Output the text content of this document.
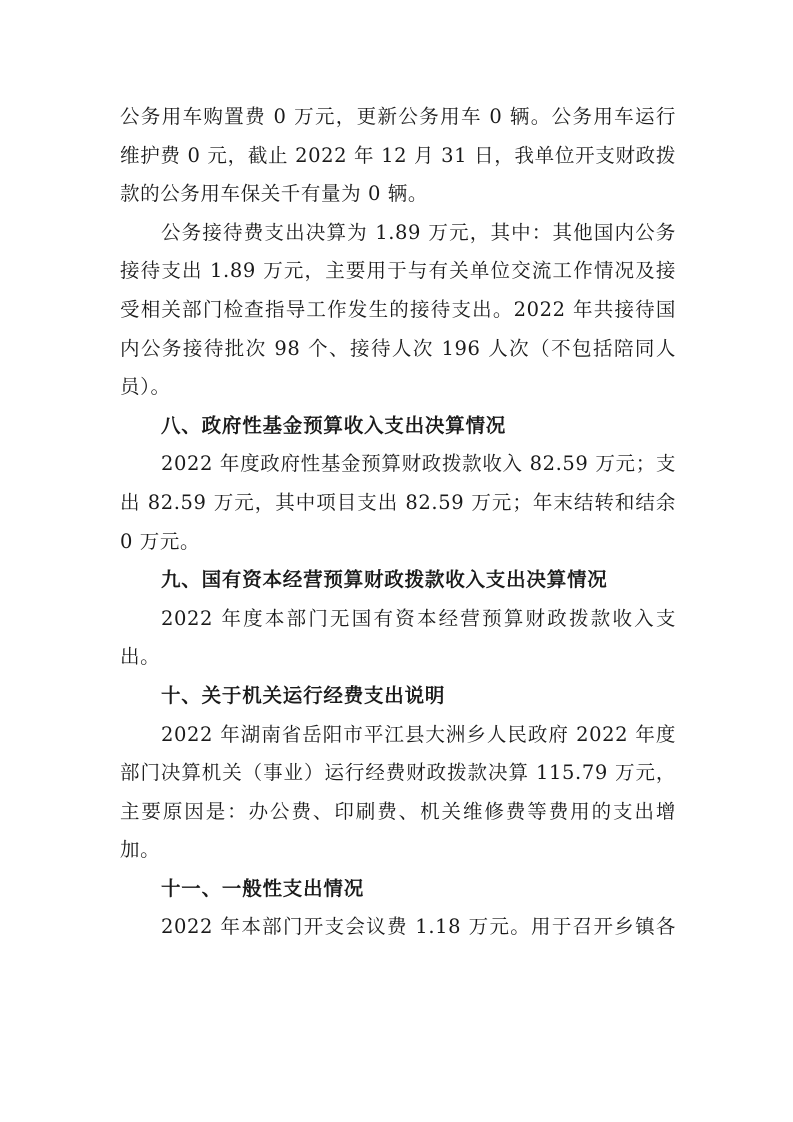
公务用车购置费 0 万元，更新公务用车 0 辆。公务用车运行
维护费 0 元，截止 2022 年 12 月 31 日，我单位开支财政拨
款的公务用车保关千有量为 0 辆。

公务接待费支出决算为 1.89 万元，其中：其他国内公务
接待支出 1.89 万元，主要用于与有关单位交流工作情况及接
受相关部门检查指导工作发生的接待支出。2022 年共接待国
内公务接待批次 98 个、接待人次 196 人次（不包括陪同人
员）。

八、政府性基金预算收入支出决算情况

2022 年度政府性基金预算财政拨款收入 82.59 万元；支
出 82.59 万元，其中项目支出 82.59 万元；年末结转和结余
0 万元。

九、国有资本经营预算财政拨款收入支出决算情况

2022 年度本部门无国有资本经营预算财政拨款收入支
出。

十、关于机关运行经费支出说明

2022 年湖南省岳阳市平江县大洲乡人民政府 2022 年度
部门决算机关（事业）运行经费财政拨款决算 115.79 万元，
主要原因是：办公费、印刷费、机关维修费等费用的支出增
加。

十一、一般性支出情况

2022 年本部门开支会议费 1.18 万元。用于召开乡镇各
